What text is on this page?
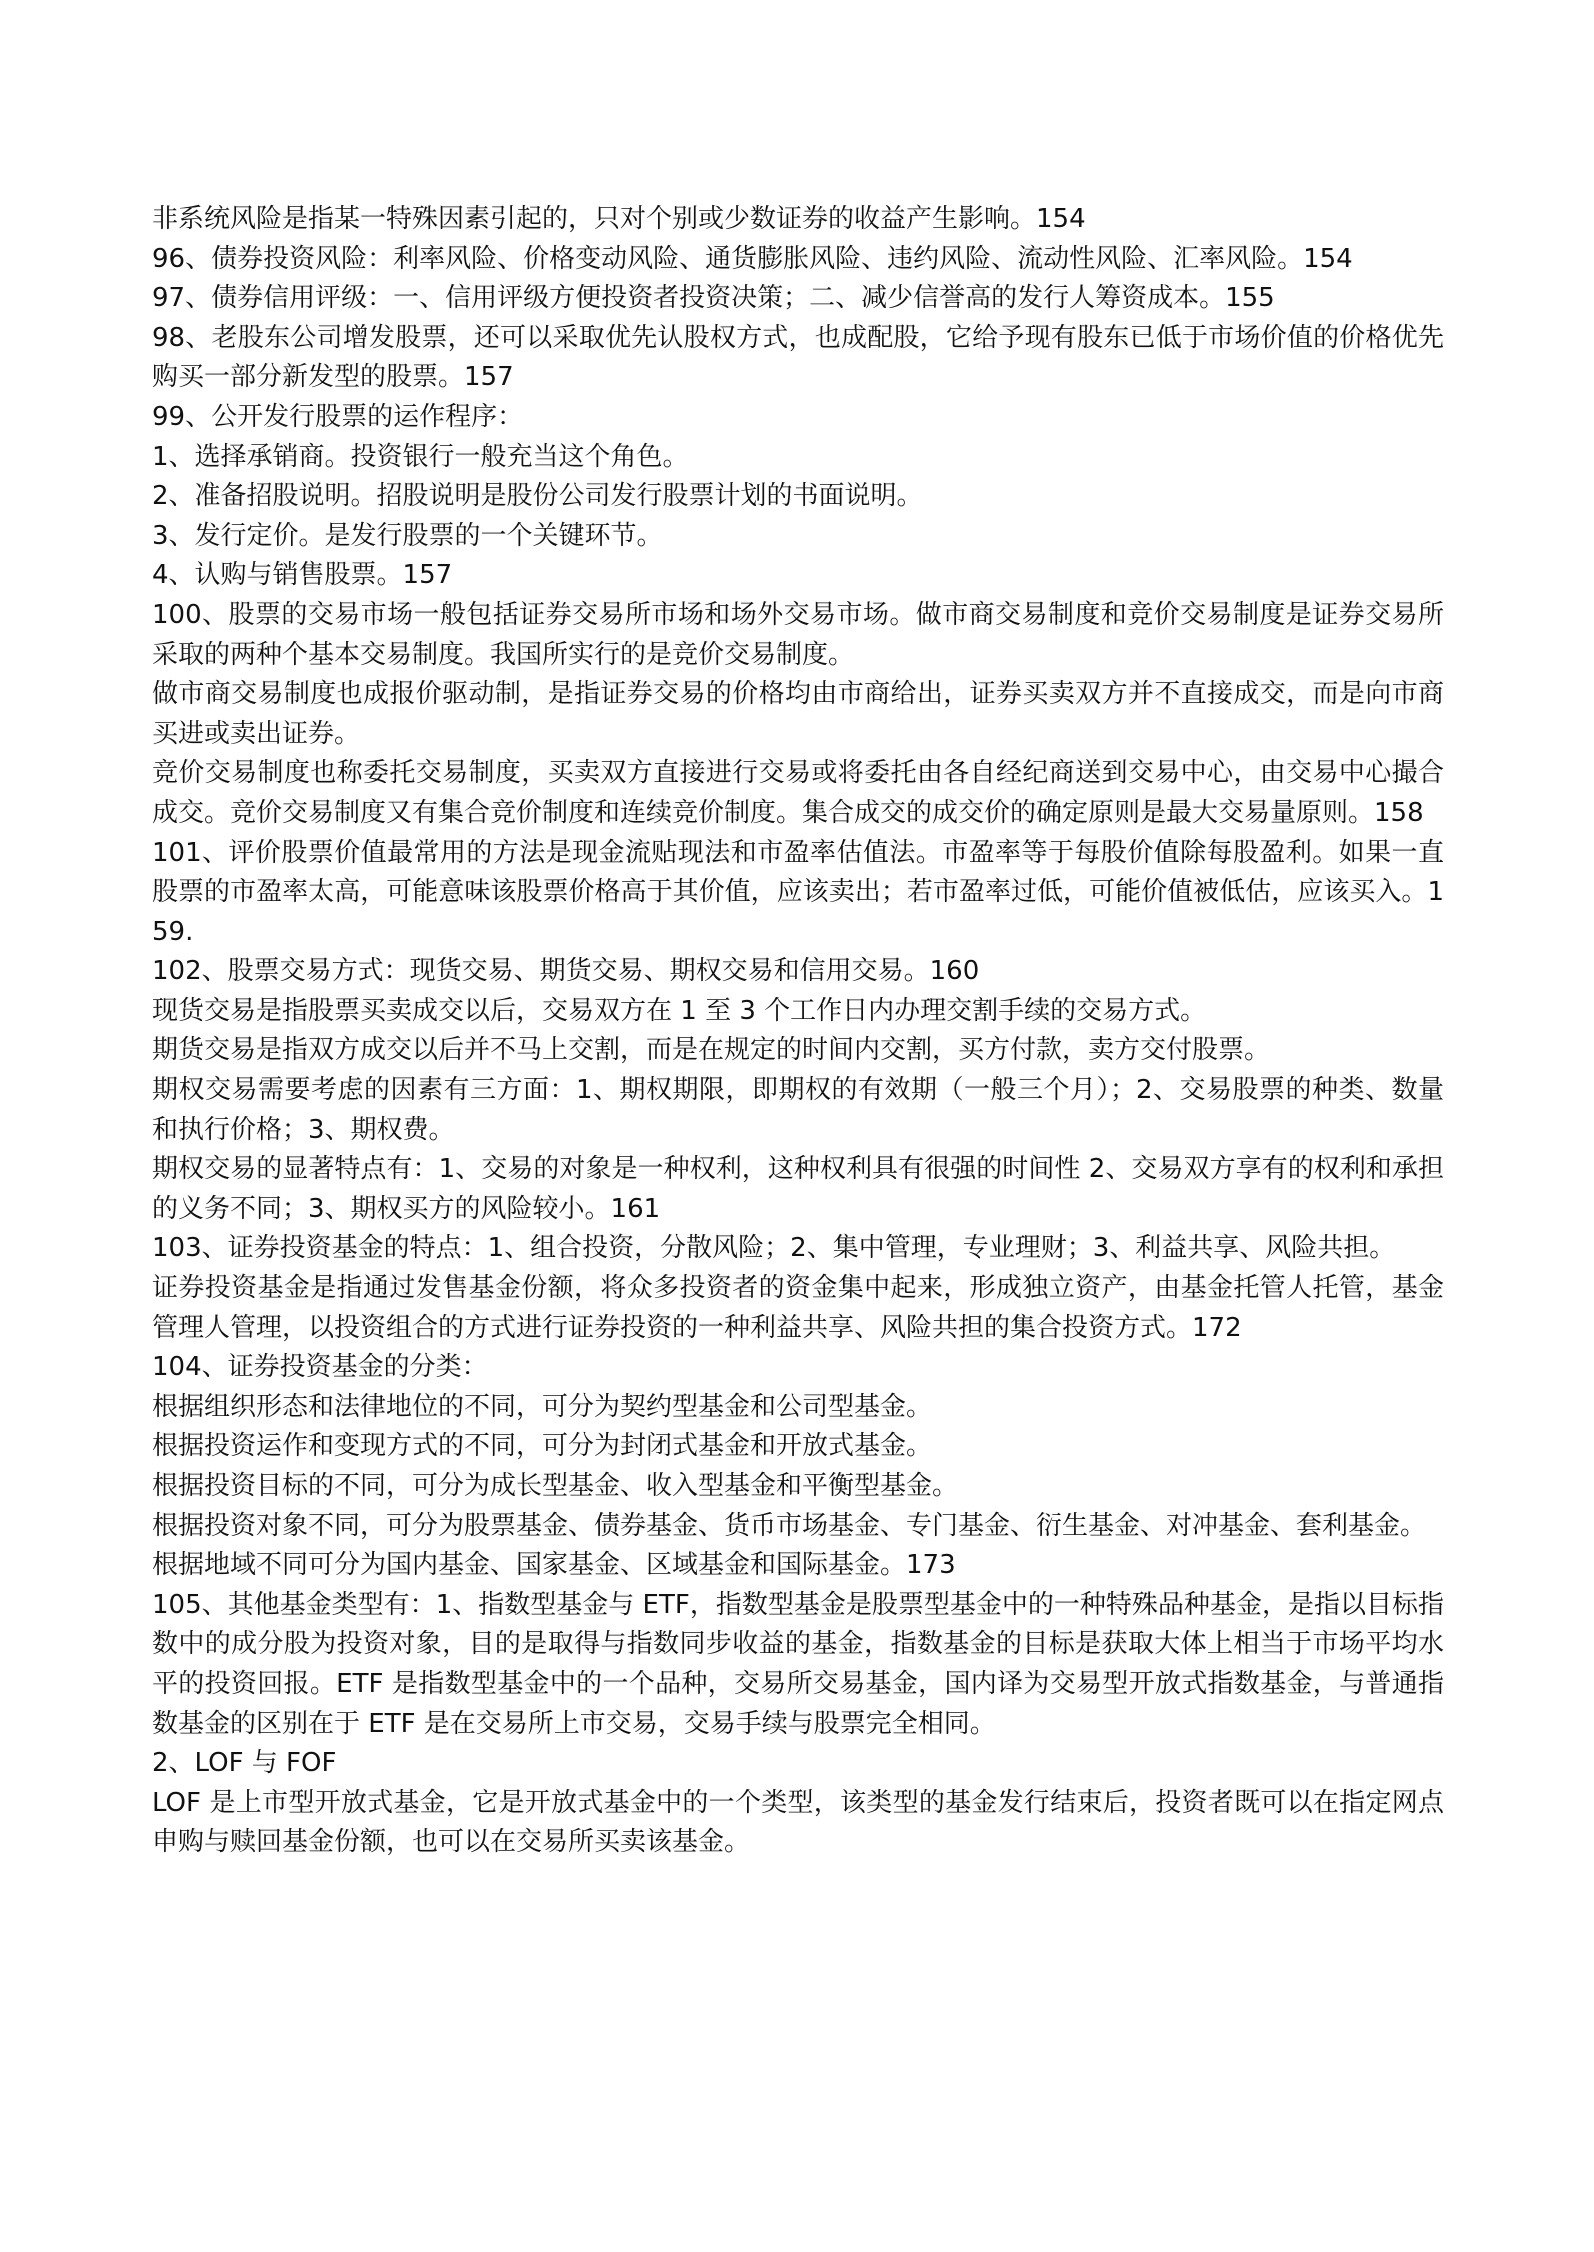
非系统风险是指某一特殊因素引起的，只对个别或少数证券的收益产生影响。154

96、债券投资风险：利率风险、价格变动风险、通货膨胀风险、违约风险、流动性风险、汇率风险。154

97、债券信用评级：一、信用评级方便投资者投资决策；二、减少信誉高的发行人筹资成本。155

98、老股东公司增发股票，还可以采取优先认股权方式，也成配股，它给予现有股东已低于市场价值的价格优先购买一部分新发型的股票。157

99、公开发行股票的运作程序：

1、选择承销商。投资银行一般充当这个角色。

2、准备招股说明。招股说明是股份公司发行股票计划的书面说明。

3、发行定价。是发行股票的一个关键环节。

4、认购与销售股票。157

100、股票的交易市场一般包括证券交易所市场和场外交易市场。做市商交易制度和竞价交易制度是证券交易所采取的两种个基本交易制度。我国所实行的是竞价交易制度。

做市商交易制度也成报价驱动制，是指证券交易的价格均由市商给出，证券买卖双方并不直接成交，而是向市商买进或卖出证券。

竞价交易制度也称委托交易制度，买卖双方直接进行交易或将委托由各自经纪商送到交易中心，由交易中心撮合成交。竞价交易制度又有集合竞价制度和连续竞价制度。集合成交的成交价的确定原则是最大交易量原则。158

101、评价股票价值最常用的方法是现金流贴现法和市盈率估值法。市盈率等于每股价值除每股盈利。如果一直股票的市盈率太高，可能意味该股票价格高于其价值，应该卖出；若市盈率过低，可能价值被低估，应该买入。159.

102、股票交易方式：现货交易、期货交易、期权交易和信用交易。160

现货交易是指股票买卖成交以后，交易双方在 1 至 3 个工作日内办理交割手续的交易方式。

期货交易是指双方成交以后并不马上交割，而是在规定的时间内交割，买方付款，卖方交付股票。

期权交易需要考虑的因素有三方面：1、期权期限，即期权的有效期（一般三个月）；2、交易股票的种类、数量和执行价格；3、期权费。

期权交易的显著特点有：1、交易的对象是一种权利，这种权利具有很强的时间性 2、交易双方享有的权利和承担的义务不同；3、期权买方的风险较小。161

103、证券投资基金的特点：1、组合投资，分散风险；2、集中管理，专业理财；3、利益共享、风险共担。

证券投资基金是指通过发售基金份额，将众多投资者的资金集中起来，形成独立资产，由基金托管人托管，基金管理人管理，以投资组合的方式进行证券投资的一种利益共享、风险共担的集合投资方式。172

104、证券投资基金的分类：

根据组织形态和法律地位的不同，可分为契约型基金和公司型基金。

根据投资运作和变现方式的不同，可分为封闭式基金和开放式基金。

根据投资目标的不同，可分为成长型基金、收入型基金和平衡型基金。

根据投资对象不同，可分为股票基金、债券基金、货币市场基金、专门基金、衍生基金、对冲基金、套利基金。

根据地域不同可分为国内基金、国家基金、区域基金和国际基金。173

105、其他基金类型有：1、指数型基金与 ETF，指数型基金是股票型基金中的一种特殊品种基金，是指以目标指数中的成分股为投资对象，目的是取得与指数同步收益的基金，指数基金的目标是获取大体上相当于市场平均水平的投资回报。ETF 是指数型基金中的一个品种，交易所交易基金，国内译为交易型开放式指数基金，与普通指数基金的区别在于 ETF 是在交易所上市交易，交易手续与股票完全相同。

2、LOF 与 FOF

LOF 是上市型开放式基金，它是开放式基金中的一个类型，该类型的基金发行结束后，投资者既可以在指定网点申购与赎回基金份额，也可以在交易所买卖该基金。
